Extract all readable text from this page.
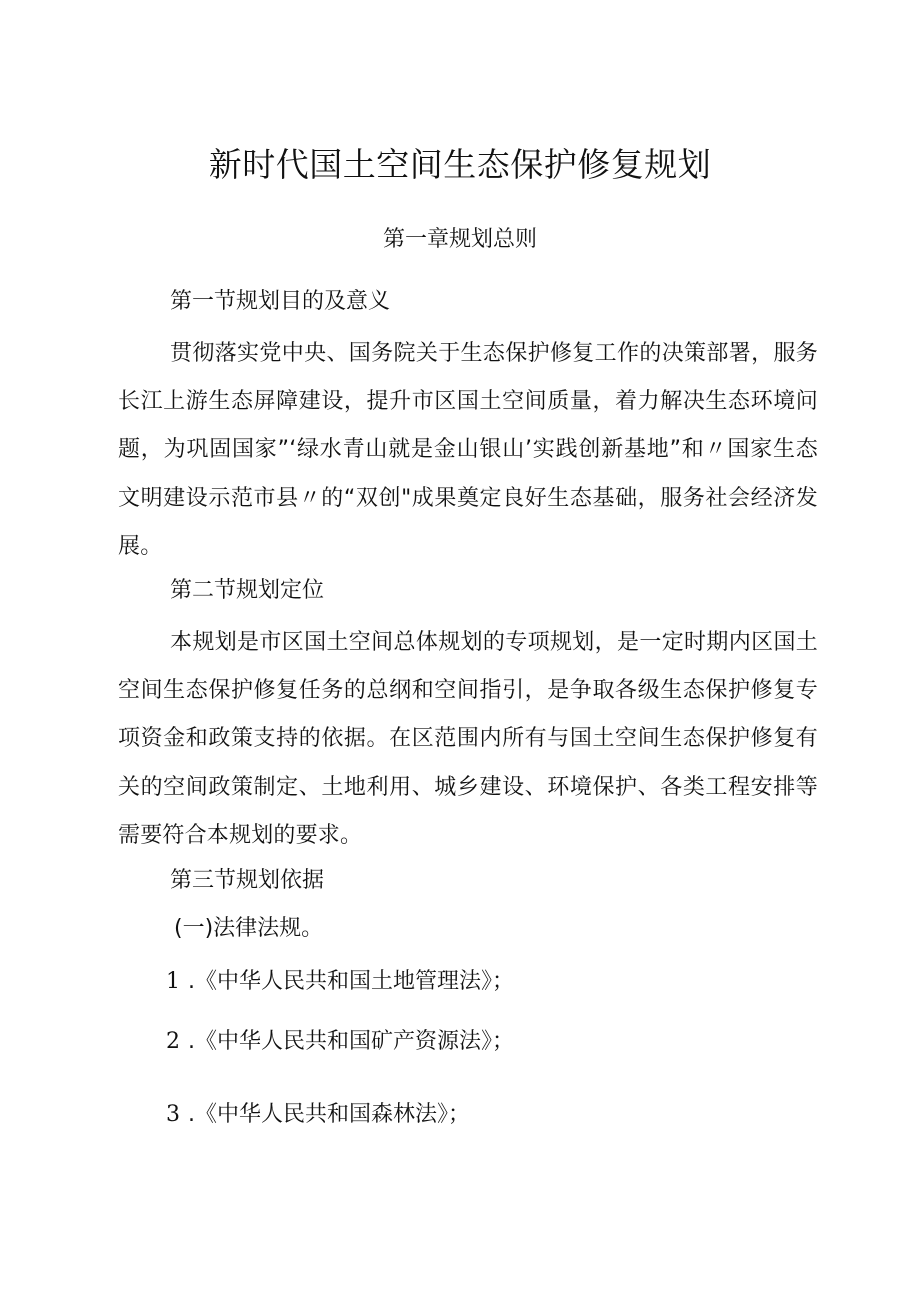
新时代国土空间生态保护修复规划
第一章规划总则
第一节规划目的及意义
贯彻落实党中央、国务院关于生态保护修复工作的决策部署，服务长江上游生态屏障建设，提升市区国土空间质量，着力解决生态环境问题，为巩固国家”‘绿水青山就是金山银山’实践创新基地”和〃国家生态文明建设示范市县〃的“双创"成果奠定良好生态基础，服务社会经济发展。
第二节规划定位
本规划是市区国土空间总体规划的专项规划，是一定时期内区国土空间生态保护修复任务的总纲和空间指引，是争取各级生态保护修复专项资金和政策支持的依据。在区范围内所有与国土空间生态保护修复有关的空间政策制定、土地利用、城乡建设、环境保护、各类工程安排等需要符合本规划的要求。
第三节规划依据
(一)法律法规。
1 .《中华人民共和国土地管理法》；
2 .《中华人民共和国矿产资源法》；
3 .《中华人民共和国森林法》；
